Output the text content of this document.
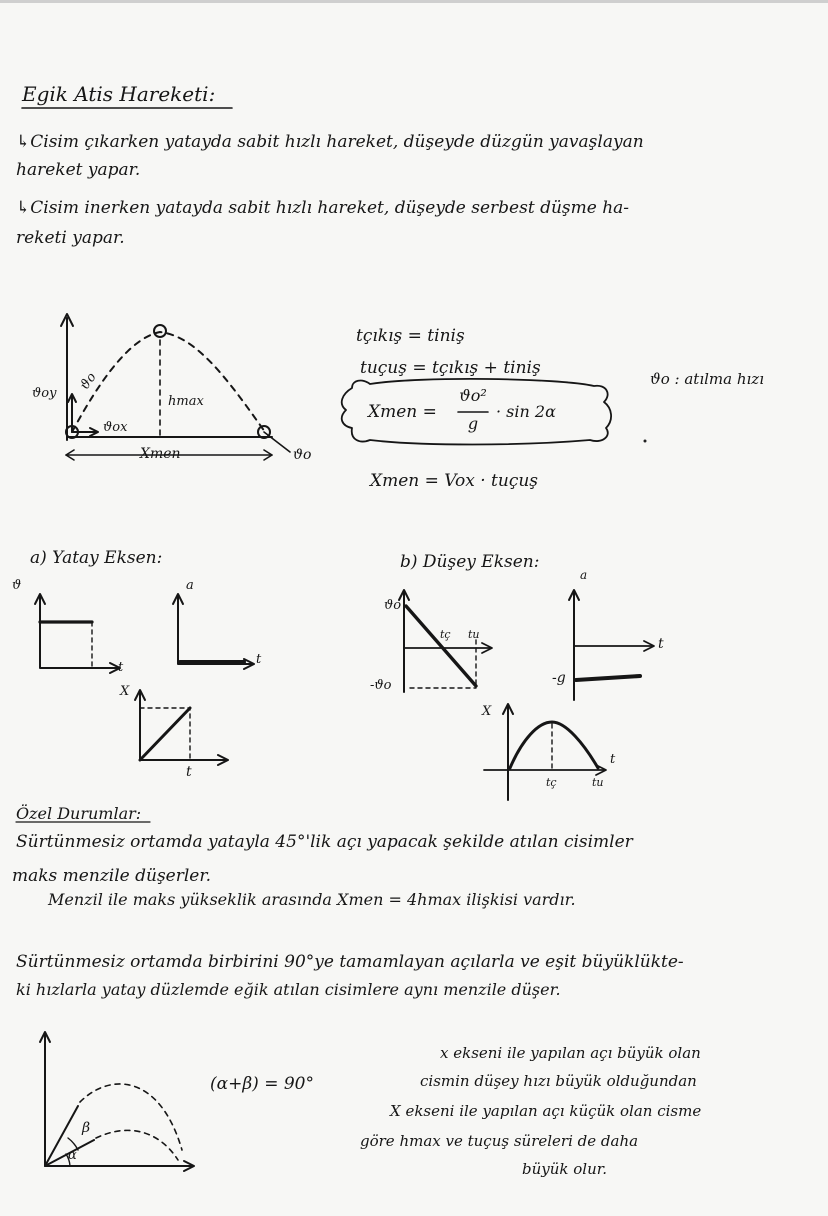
Egik Atis Hareketi:
↳Cisim çıkarken yatayda sabit hızlı hareket, düşeyde düzgün yavaşlayan
hareket yapar.
↳Cisim inerken yatayda sabit hızlı hareket, düşeyde serbest düşme ha-
reketi yapar.
ϑoy
ϑo
ϑox
hmax
Xmen	ϑo
tçıkış = tiniş
tuçuş = tçıkış + tiniş
Xmen =
ϑo²
g
· sin 2α
Xmen = Vox · tuçuş
ϑo : atılma hızı
a) Yatay Eksen:	b) Düşey Eksen:
ϑ
t
a
t
X
t
ϑo
tç tu
-ϑo
a
t
-g
X
t
tç	tu
Özel Durumlar:
Sürtünmesiz ortamda yatayla 45°'lik açı yapacak şekilde atılan cisimler
maks menzile düşerler.
Menzil ile maks yükseklik arasında Xmen = 4hmax ilişkisi vardır.
Sürtünmesiz ortamda birbirini 90°ye tamamlayan açılarla ve eşit büyüklükte-
ki hızlarla yatay düzlemde eğik atılan cisimlere aynı menzile düşer.
β
α
(α+β) = 90°
x ekseni ile yapılan açı büyük olan
cismin düşey hızı büyük olduğundan
X ekseni ile yapılan açı küçük olan cisme
göre hmax ve tuçuş süreleri de daha
büyük olur.
